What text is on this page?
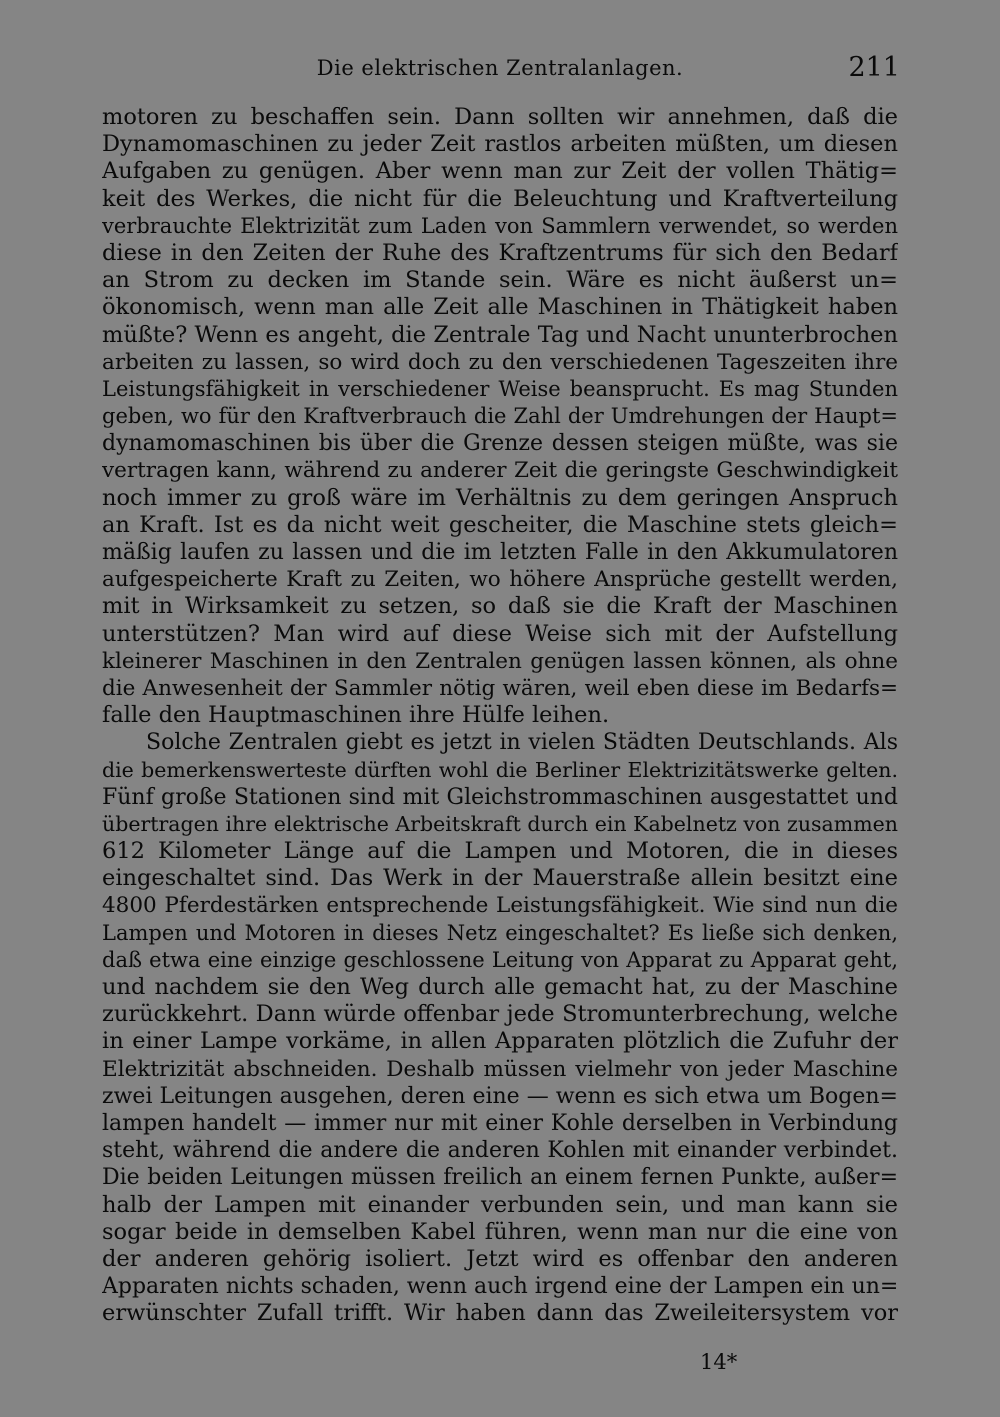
Die elektrischen Zentralanlagen.	211
motoren zu beschaffen sein. Dann sollten wir annehmen, daß die
Dynamomaschinen zu jeder Zeit rastlos arbeiten müßten, um diesen
Aufgaben zu genügen. Aber wenn man zur Zeit der vollen Thätig=
keit des Werkes, die nicht für die Beleuchtung und Kraftverteilung
verbrauchte Elektrizität zum Laden von Sammlern verwendet, so werden
diese in den Zeiten der Ruhe des Kraftzentrums für sich den Bedarf
an Strom zu decken im Stande sein. Wäre es nicht äußerst un=
ökonomisch, wenn man alle Zeit alle Maschinen in Thätigkeit haben
müßte? Wenn es angeht, die Zentrale Tag und Nacht ununterbrochen
arbeiten zu lassen, so wird doch zu den verschiedenen Tageszeiten ihre
Leistungsfähigkeit in verschiedener Weise beansprucht. Es mag Stunden
geben, wo für den Kraftverbrauch die Zahl der Umdrehungen der Haupt=
dynamomaschinen bis über die Grenze dessen steigen müßte, was sie
vertragen kann, während zu anderer Zeit die geringste Geschwindigkeit
noch immer zu groß wäre im Verhältnis zu dem geringen Anspruch
an Kraft. Ist es da nicht weit gescheiter, die Maschine stets gleich=
mäßig laufen zu lassen und die im letzten Falle in den Akkumulatoren
aufgespeicherte Kraft zu Zeiten, wo höhere Ansprüche gestellt werden,
mit in Wirksamkeit zu setzen, so daß sie die Kraft der Maschinen
unterstützen? Man wird auf diese Weise sich mit der Aufstellung
kleinerer Maschinen in den Zentralen genügen lassen können, als ohne
die Anwesenheit der Sammler nötig wären, weil eben diese im Bedarfs=
falle den Hauptmaschinen ihre Hülfe leihen.
Solche Zentralen giebt es jetzt in vielen Städten Deutschlands. Als
die bemerkenswerteste dürften wohl die Berliner Elektrizitätswerke gelten.
Fünf große Stationen sind mit Gleichstrommaschinen ausgestattet und
übertragen ihre elektrische Arbeitskraft durch ein Kabelnetz von zusammen
612 Kilometer Länge auf die Lampen und Motoren, die in dieses
eingeschaltet sind. Das Werk in der Mauerstraße allein besitzt eine
4800 Pferdestärken entsprechende Leistungsfähigkeit. Wie sind nun die
Lampen und Motoren in dieses Netz eingeschaltet? Es ließe sich denken,
daß etwa eine einzige geschlossene Leitung von Apparat zu Apparat geht,
und nachdem sie den Weg durch alle gemacht hat, zu der Maschine
zurückkehrt. Dann würde offenbar jede Stromunterbrechung, welche
in einer Lampe vorkäme, in allen Apparaten plötzlich die Zufuhr der
Elektrizität abschneiden. Deshalb müssen vielmehr von jeder Maschine
zwei Leitungen ausgehen, deren eine — wenn es sich etwa um Bogen=
lampen handelt — immer nur mit einer Kohle derselben in Verbindung
steht, während die andere die anderen Kohlen mit einander verbindet.
Die beiden Leitungen müssen freilich an einem fernen Punkte, außer=
halb der Lampen mit einander verbunden sein, und man kann sie
sogar beide in demselben Kabel führen, wenn man nur die eine von
der anderen gehörig isoliert. Jetzt wird es offenbar den anderen
Apparaten nichts schaden, wenn auch irgend eine der Lampen ein un=
erwünschter Zufall trifft. Wir haben dann das Zweileitersystem vor
14*
